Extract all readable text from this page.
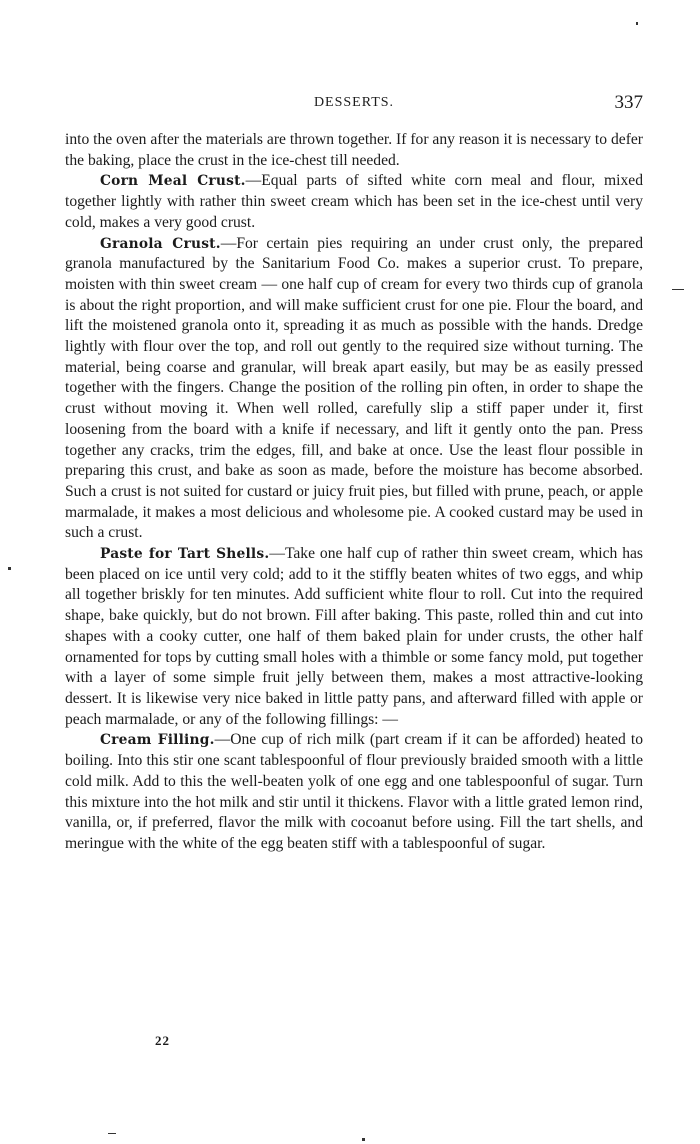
DESSERTS.	337

into the oven after the materials are thrown together. If for any reason it is necessary to defer the baking, place the crust in the ice-chest till needed.

Corn Meal Crust.—Equal parts of sifted white corn meal and flour, mixed together lightly with rather thin sweet cream which has been set in the ice-chest until very cold, makes a very good crust.

Granola Crust.—For certain pies requiring an under crust only, the prepared granola manufactured by the Sanitarium Food Co. makes a superior crust. To prepare, moisten with thin sweet cream — one half cup of cream for every two thirds cup of granola is about the right proportion, and will make sufficient crust for one pie. Flour the board, and lift the moistened granola onto it, spreading it as much as possible with the hands. Dredge lightly with flour over the top, and roll out gently to the required size without turning. The material, being coarse and granular, will break apart easily, but may be as easily pressed together with the fingers. Change the position of the rolling pin often, in order to shape the crust without moving it. When well rolled, carefully slip a stiff paper under it, first loosening from the board with a knife if necessary, and lift it gently onto the pan. Press together any cracks, trim the edges, fill, and bake at once. Use the least flour possible in preparing this crust, and bake as soon as made, before the moisture has become absorbed. Such a crust is not suited for custard or juicy fruit pies, but filled with prune, peach, or apple marmalade, it makes a most delicious and wholesome pie. A cooked custard may be used in such a crust.

Paste for Tart Shells.—Take one half cup of rather thin sweet cream, which has been placed on ice until very cold; add to it the stiffly beaten whites of two eggs, and whip all together briskly for ten minutes. Add sufficient white flour to roll. Cut into the required shape, bake quickly, but do not brown. Fill after baking. This paste, rolled thin and cut into shapes with a cooky cutter, one half of them baked plain for under crusts, the other half ornamented for tops by cutting small holes with a thimble or some fancy mold, put together with a layer of some simple fruit jelly between them, makes a most attractive-looking dessert. It is likewise very nice baked in little patty pans, and afterward filled with apple or peach marmalade, or any of the following fillings: —

Cream Filling.—One cup of rich milk (part cream if it can be afforded) heated to boiling. Into this stir one scant tablespoonful of flour previously braided smooth with a little cold milk. Add to this the well-beaten yolk of one egg and one tablespoonful of sugar. Turn this mixture into the hot milk and stir until it thickens. Flavor with a little grated lemon rind, vanilla, or, if preferred, flavor the milk with cocoanut before using. Fill the tart shells, and meringue with the white of the egg beaten stiff with a tablespoonful of sugar.

22
